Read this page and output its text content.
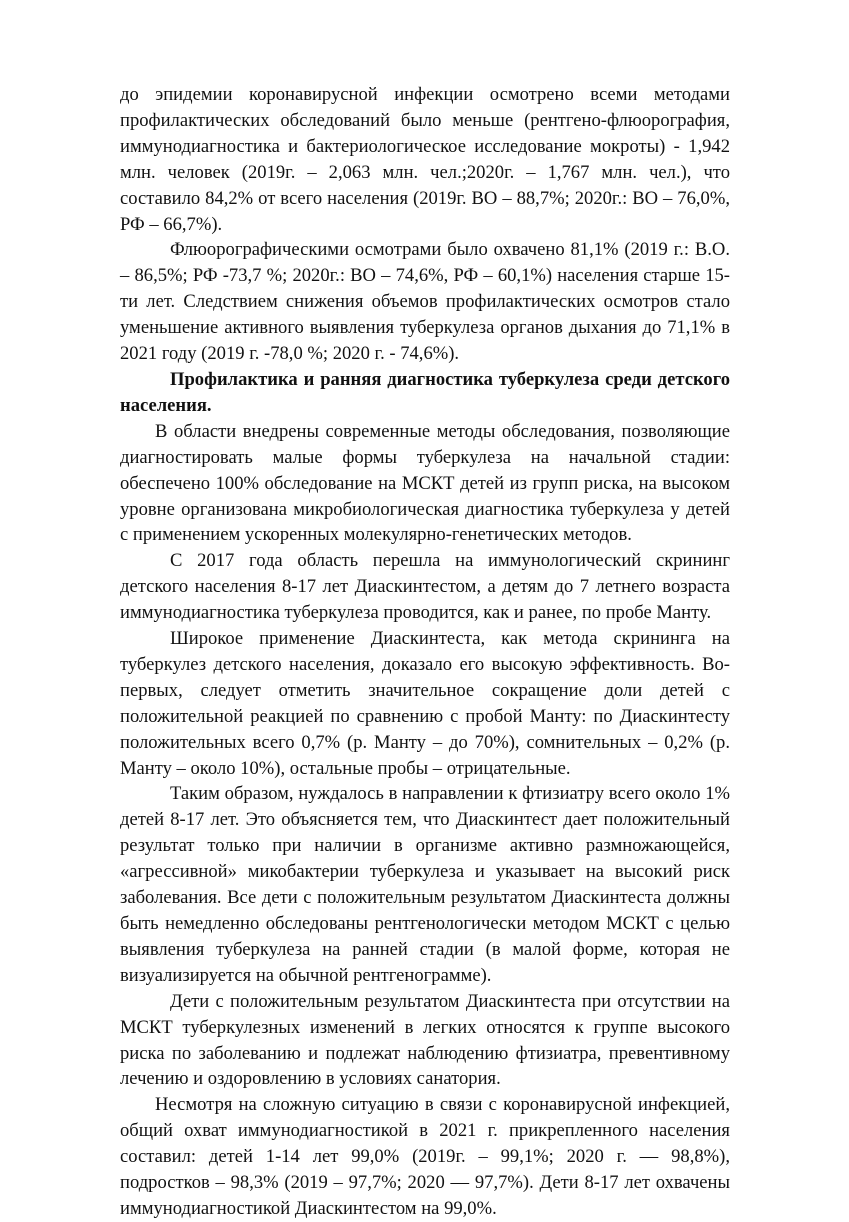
до эпидемии коронавирусной инфекции осмотрено всеми методами профилактических обследований было меньше (рентгено-флюорография, иммунодиагностика и бактериологическое исследование мокроты) - 1,942 млн. человек (2019г. – 2,063 млн. чел.;2020г. – 1,767 млн. чел.), что составило 84,2% от всего населения (2019г. ВО – 88,7%; 2020г.: ВО – 76,0%, РФ – 66,7%).

Флюорографическими осмотрами было охвачено 81,1% (2019 г.: В.О. – 86,5%; РФ -73,7 %; 2020г.: ВО – 74,6%, РФ – 60,1%) населения старше 15-ти лет. Следствием снижения объемов профилактических осмотров стало уменьшение активного выявления туберкулеза органов дыхания до 71,1% в 2021 году (2019 г. -78,0 %; 2020 г. - 74,6%).

Профилактика и ранняя диагностика туберкулеза среди детского населения.

В области внедрены современные методы обследования, позволяющие диагностировать малые формы туберкулеза на начальной стадии: обеспечено 100% обследование на МСКТ детей из групп риска, на высоком уровне организована микробиологическая диагностика туберкулеза у детей с применением ускоренных молекулярно-генетических методов.

С 2017 года область перешла на иммунологический скрининг детского населения 8-17 лет Диаскинтестом, а детям до 7 летнего возраста иммунодиагностика туберкулеза проводится, как и ранее, по пробе Манту.

Широкое применение Диаскинтеста, как метода скрининга на туберкулез детского населения, доказало его высокую эффективность. Во-первых, следует отметить значительное сокращение доли детей с положительной реакцией по сравнению с пробой Манту: по Диаскинтесту положительных всего 0,7% (р. Манту – до 70%), сомнительных – 0,2% (р. Манту – около 10%), остальные пробы – отрицательные.

Таким образом, нуждалось в направлении к фтизиатру всего около 1% детей 8-17 лет. Это объясняется тем, что Диаскинтест дает положительный результат только при наличии в организме активно размножающейся, «агрессивной» микобактерии туберкулеза и указывает на высокий риск заболевания. Все дети с положительным результатом Диаскинтеста должны быть немедленно обследованы рентгенологически методом МСКТ с целью выявления туберкулеза на ранней стадии (в малой форме, которая не визуализируется на обычной рентгенограмме).

Дети с положительным результатом Диаскинтеста при отсутствии на МСКТ туберкулезных изменений в легких относятся к группе высокого риска по заболеванию и подлежат наблюдению фтизиатра, превентивному лечению и оздоровлению в условиях санатория.

Несмотря на сложную ситуацию в связи с коронавирусной инфекцией, общий охват иммунодиагностикой в 2021 г. прикрепленного населения составил: детей 1-14 лет 99,0% (2019г. – 99,1%; 2020 г. — 98,8%), подростков – 98,3% (2019 – 97,7%; 2020 — 97,7%). Дети 8-17 лет охвачены иммунодиагностикой Диаскинтестом на 99,0%.
